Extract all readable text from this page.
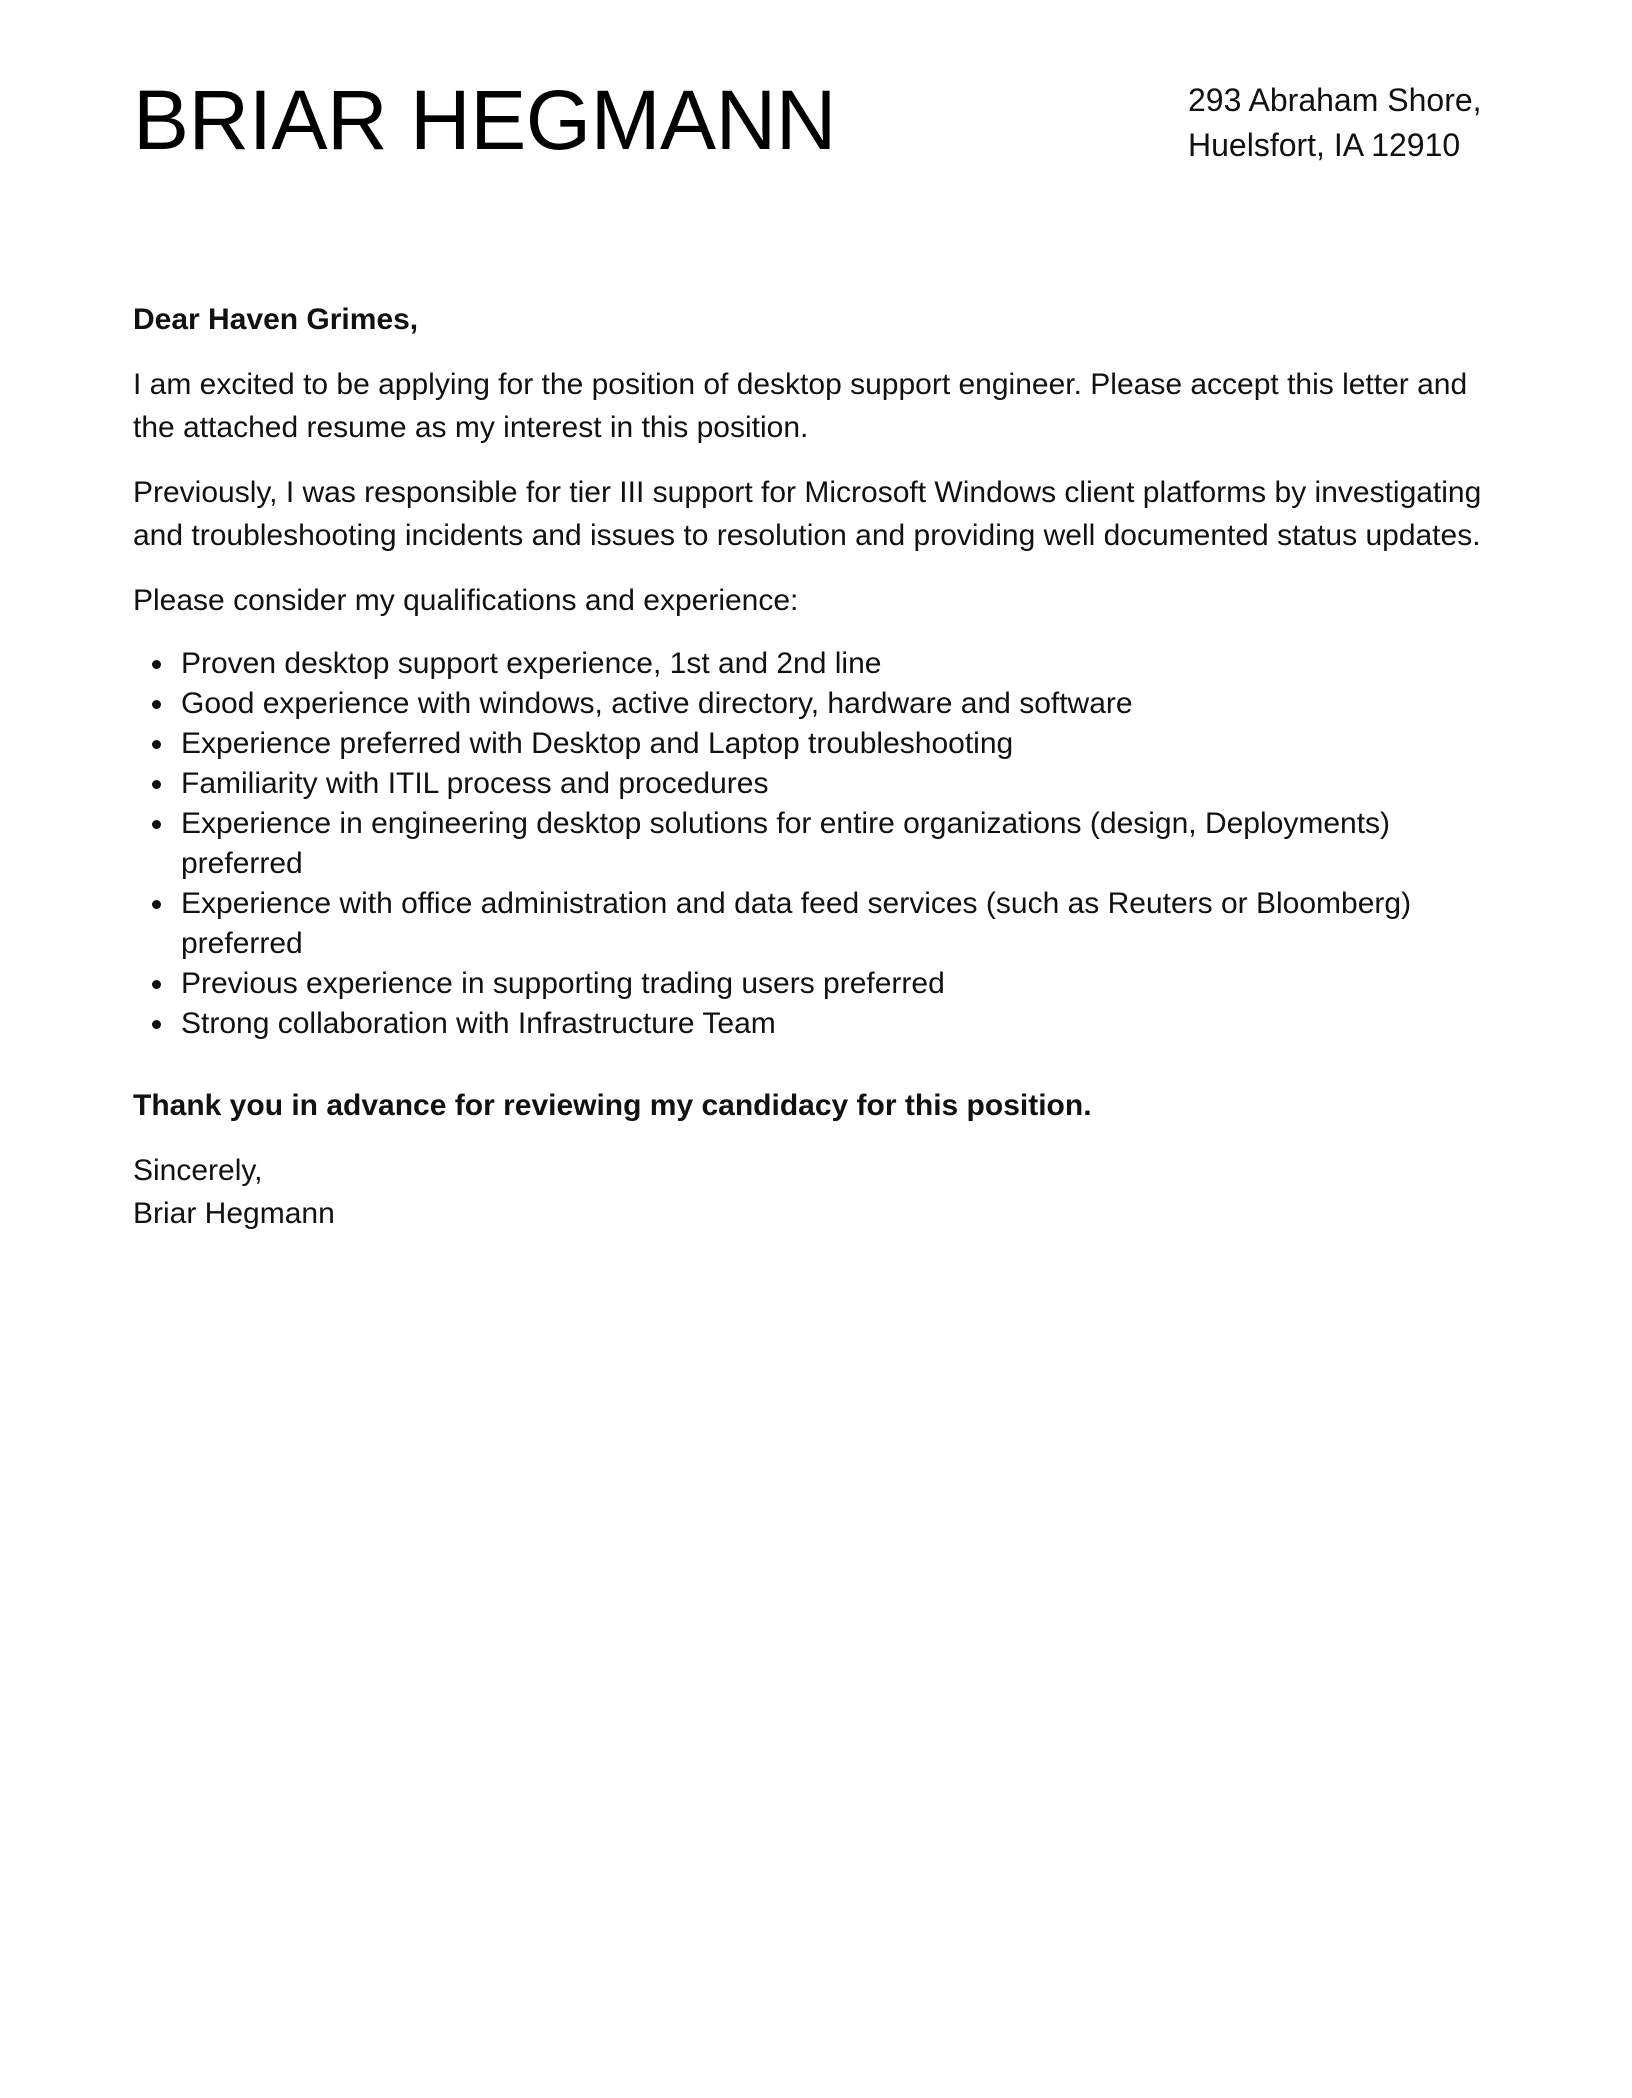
BRIAR HEGMANN	293 Abraham Shore,
Huelsfort, IA 12910

Dear Haven Grimes,

I am excited to be applying for the position of desktop support engineer. Please accept this letter and the attached resume as my interest in this position.

Previously, I was responsible for tier III support for Microsoft Windows client platforms by investigating and troubleshooting incidents and issues to resolution and providing well documented status updates.

Please consider my qualifications and experience:

Proven desktop support experience, 1st and 2nd line
Good experience with windows, active directory, hardware and software
Experience preferred with Desktop and Laptop troubleshooting
Familiarity with ITIL process and procedures
Experience in engineering desktop solutions for entire organizations (design, Deployments) preferred
Experience with office administration and data feed services (such as Reuters or Bloomberg) preferred
Previous experience in supporting trading users preferred
Strong collaboration with Infrastructure Team

Thank you in advance for reviewing my candidacy for this position.

Sincerely,
Briar Hegmann
